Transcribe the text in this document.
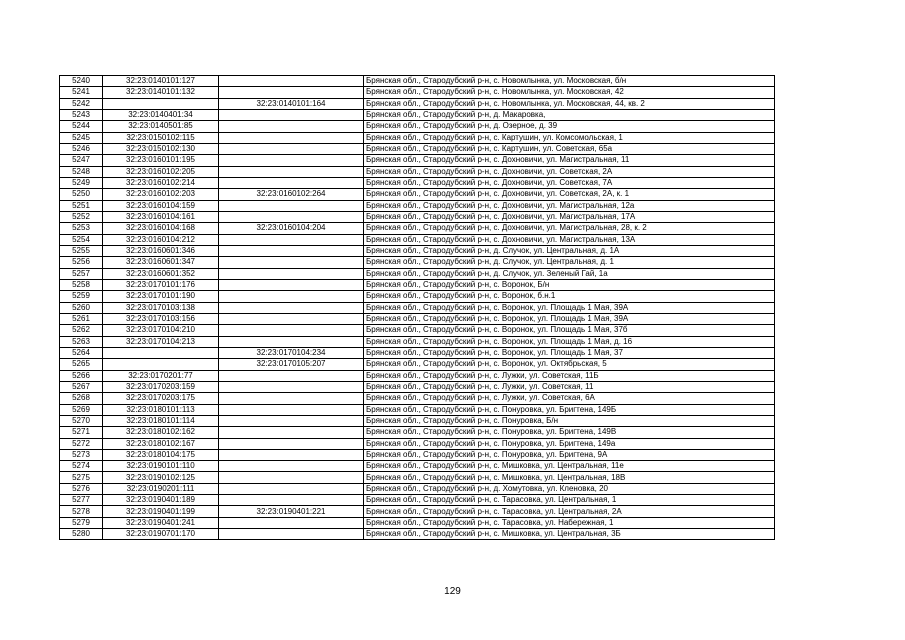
5240	32:23:0140101:127		Брянская обл., Стародубский р-н, с. Новомлынка, ул. Московская, б/н
5241	32:23:0140101:132		Брянская обл., Стародубский р-н, с. Новомлынка, ул. Московская, 42
5242		32:23:0140101:164	Брянская обл., Стародубский р-н, с. Новомлынка, ул. Московская, 44, кв. 2
5243	32:23:0140401:34		Брянская обл., Стародубский р-н, д. Макаровка,
5244	32:23:0140501:85		Брянская обл., Стародубский р-н, д. Озерное, д. 39
5245	32:23:0150102:115		Брянская обл., Стародубский р-н, с. Картушин, ул. Комсомольская, 1
5246	32:23:0150102:130		Брянская обл., Стародубский р-н, с. Картушин, ул. Советская, 65а
5247	32:23:0160101:195		Брянская обл., Стародубский р-н, с. Дохновичи, ул. Магистральная, 11
5248	32:23:0160102:205		Брянская обл., Стародубский р-н, с. Дохновичи, ул. Советская, 2А
5249	32:23:0160102:214		Брянская обл., Стародубский р-н, с. Дохновичи, ул. Советская, 7А
5250	32:23:0160102:203	32:23:0160102:264	Брянская обл., Стародубский р-н, с. Дохновичи, ул. Советская, 2А, к. 1
5251	32:23:0160104:159		Брянская обл., Стародубский р-н, с. Дохновичи, ул. Магистральная, 12а
5252	32:23:0160104:161		Брянская обл., Стародубский р-н, с. Дохновичи, ул. Магистральная, 17А
5253	32:23:0160104:168	32:23:0160104:204	Брянская обл., Стародубский р-н, с. Дохновичи, ул. Магистральная, 28, к. 2
5254	32:23:0160104:212		Брянская обл., Стародубский р-н, с. Дохновичи, ул. Магистральная, 13А
5255	32:23:0160601:346		Брянская обл., Стародубский р-н, д. Случок, ул. Центральная, д. 1А
5256	32:23:0160601:347		Брянская обл., Стародубский р-н, д. Случок, ул. Центральная, д. 1
5257	32:23:0160601:352		Брянская обл., Стародубский р-н, д. Случок, ул. Зеленый Гай, 1а
5258	32:23:0170101:176		Брянская обл., Стародубский р-н, с. Воронок, Б/н
5259	32:23:0170101:190		Брянская обл., Стародубский р-н, с. Воронок, б.н.1
5260	32:23:0170103:138		Брянская обл., Стародубский р-н, с. Воронок, ул. Площадь 1 Мая, 39А
5261	32:23:0170103:156		Брянская обл., Стародубский р-н, с. Воронок, ул. Площадь 1 Мая, 39А
5262	32:23:0170104:210		Брянская обл., Стародубский р-н, с. Воронок, ул. Площадь 1 Мая, 37б
5263	32:23:0170104:213		Брянская обл., Стародубский р-н, с. Воронок, ул. Площадь 1 Мая, д. 16
5264		32:23:0170104:234	Брянская обл., Стародубский р-н, с. Воронок, ул. Площадь 1 Мая, 37
5265		32:23:0170105:207	Брянская обл., Стародубский р-н, с. Воронок, ул. Октябрьская, 5
5266	32:23:0170201:77		Брянская обл., Стародубский р-н, с. Лужки, ул. Советская, 11Б
5267	32:23:0170203:159		Брянская обл., Стародубский р-н, с. Лужки, ул. Советская, 11
5268	32:23:0170203:175		Брянская обл., Стародубский р-н, с. Лужки, ул. Советская, 6А
5269	32:23:0180101:113		Брянская обл., Стародубский р-н, с. Понуровка, ул. Бригтена, 149Б
5270	32:23:0180101:114		Брянская обл., Стародубский р-н, с. Понуровка, Б/н
5271	32:23:0180102:162		Брянская обл., Стародубский р-н, с. Понуровка, ул. Бригтена, 149В
5272	32:23:0180102:167		Брянская обл., Стародубский р-н, с. Понуровка, ул. Бригтена, 149а
5273	32:23:0180104:175		Брянская обл., Стародубский р-н, с. Понуровка, ул. Бригтена, 9А
5274	32:23:0190101:110		Брянская обл., Стародубский р-н, с. Мишковка, ул. Центральная, 11е
5275	32:23:0190102:125		Брянская обл., Стародубский р-н, с. Мишковка, ул. Центральная, 18В
5276	32:23:0190201:111		Брянская обл., Стародубский р-н, д. Хомутовка, ул. Кленовка, 20
5277	32:23:0190401:189		Брянская обл., Стародубский р-н, с. Тарасовка, ул. Центральная, 1
5278	32:23:0190401:199	32:23:0190401:221	Брянская обл., Стародубский р-н, с. Тарасовка, ул. Центральная, 2А
5279	32:23:0190401:241		Брянская обл., Стародубский р-н, с. Тарасовка, ул. Набережная, 1
5280	32:23:0190701:170		Брянская обл., Стародубский р-н, с. Мишковка, ул. Центральная, 3Б
129
